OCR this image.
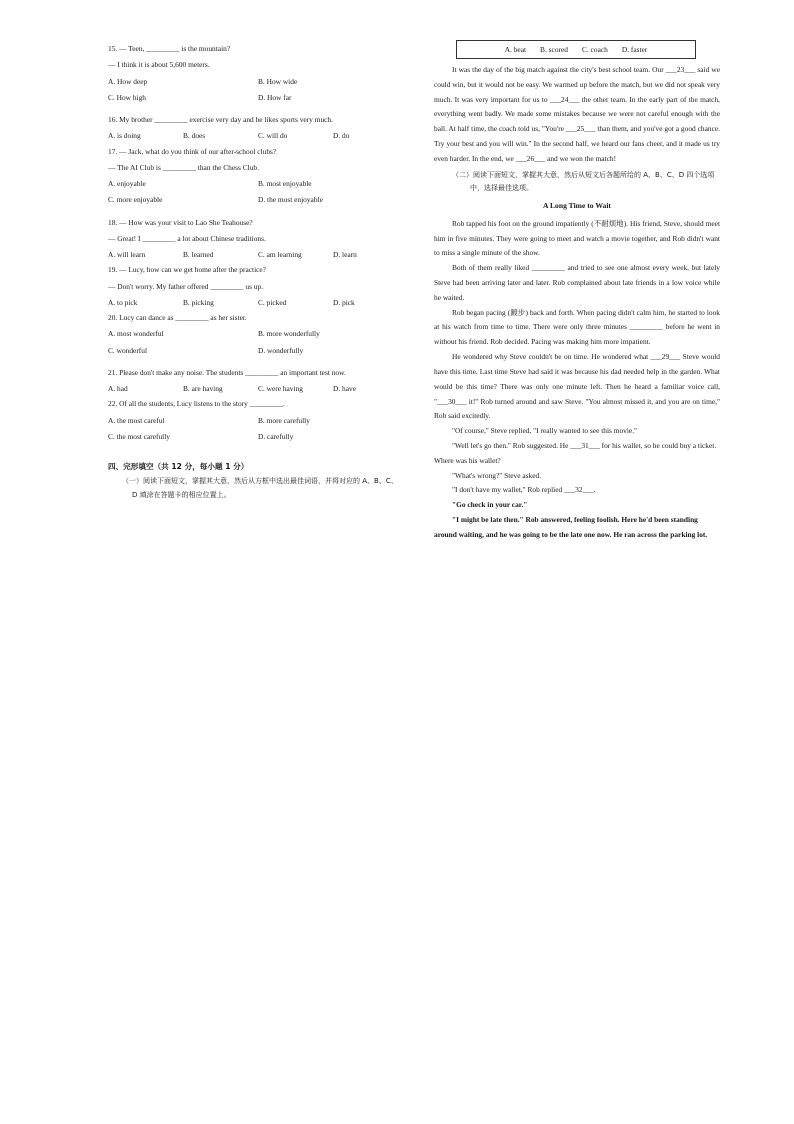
15. — Teen, _________ is the mountain?
— I think it is about 5,600 meters.
A. How deep	B. How wide
C. How high	D. How far
16. My brother _________ exercise very day and he likes sports very much.
A. is doing	B. does	C. will do	D. do
17. — Jack, what do you think of our after-school clubs?
— The AI Club is _________ than the Chess Club.
A. enjoyable	B. most enjoyable
C. more enjoyable	D. the most enjoyable
18. — How was your visit to Lao She Teahouse?
— Great! I _________ a lot about Chinese traditions.
A. will learn	B. learned	C. am learning	D. learn
19. — Lucy, how can we get home after the practice?
— Don't worry. My father offered _________ us up.
A. to pick	B. picking	C. picked	D. pick
20. Lucy can dance as _________ as her sister.
A. most wonderful	B. more wonderfully
C. wonderful	D. wonderfully
21. Please don't make any noise. The students _________ an important test now.
A. had	B. are having	C. were having	D. have
22. Of all the students, Lucy listens to the story _________.
A. the most careful	B. more carefully
C. the most carefully	D. carefully
四、完形填空（共 12 分，每小题 1 分）
（一）阅读下面短文，掌握其大意，然后从方框中选出最佳词语，并将对应的 A、B、C、
D 填涂在答题卡的相应位置上。
A. beat B. scored C. coach D. faster

It was the day of the big match against the city's best school team. Our ___23___ said we could win, but it would not be easy. We warmed up before the match, but we did not speak very much. It was very important for us to ___24___ the other team. In the early part of the match, everything went badly. We made some mistakes because we were not careful enough with the ball. At half time, the coach told us, "You're ___25___ than them, and you've got a good chance. Try your best and you will win." In the second half, we heard our fans cheer, and it made us try even harder. In the end, we ___26___ and we won the match!

（二）阅读下面短文，掌握其大意，然后从短文后各题所给的 A、B、C、D 四个选项
中，选择最佳选项。
A Long Time to Wait

Rob tapped his foot on the ground impatiently (不耐烦地). His friend, Steve, should meet him in five minutes. They were going to meet and watch a movie together, and Rob didn't want to miss a single minute of the show.

Both of them really liked _________ and tried to see one almost every week, but lately Steve had been arriving later and later. Rob complained about late friends in a low voice while he waited.

Rob began pacing (踱步) back and forth. When pacing didn't calm him, he started to look at his watch from time to time. There were only three minutes _________ before he went in without his friend. Rob decided. Pacing was making him more impatient.

He wondered why Steve couldn't be on time. He wondered what ___29___ Steve would have this time. Last time Steve had said it was because his dad needed help in the garden. What would be this time? There was only one minute left. Then he heard a familiar voice call, "___30___ it!" Rob turned around and saw Steve. "You almost missed it, and you are on time," Rob said excitedly.

"Of course," Steve replied, "I really wanted to see this movie."

"Well let's go then." Rob suggested. He ___31___ for his wallet, so he could buy a ticket. Where was his wallet?

"What's wrong?" Steve asked.

"I don't have my wallet," Rob replied ___32___.

"Go check in your car."

"I might be late then." Rob answered, feeling foolish. Here he'd been standing around waiting, and he was going to be the late one now. He ran across the parking lot.
